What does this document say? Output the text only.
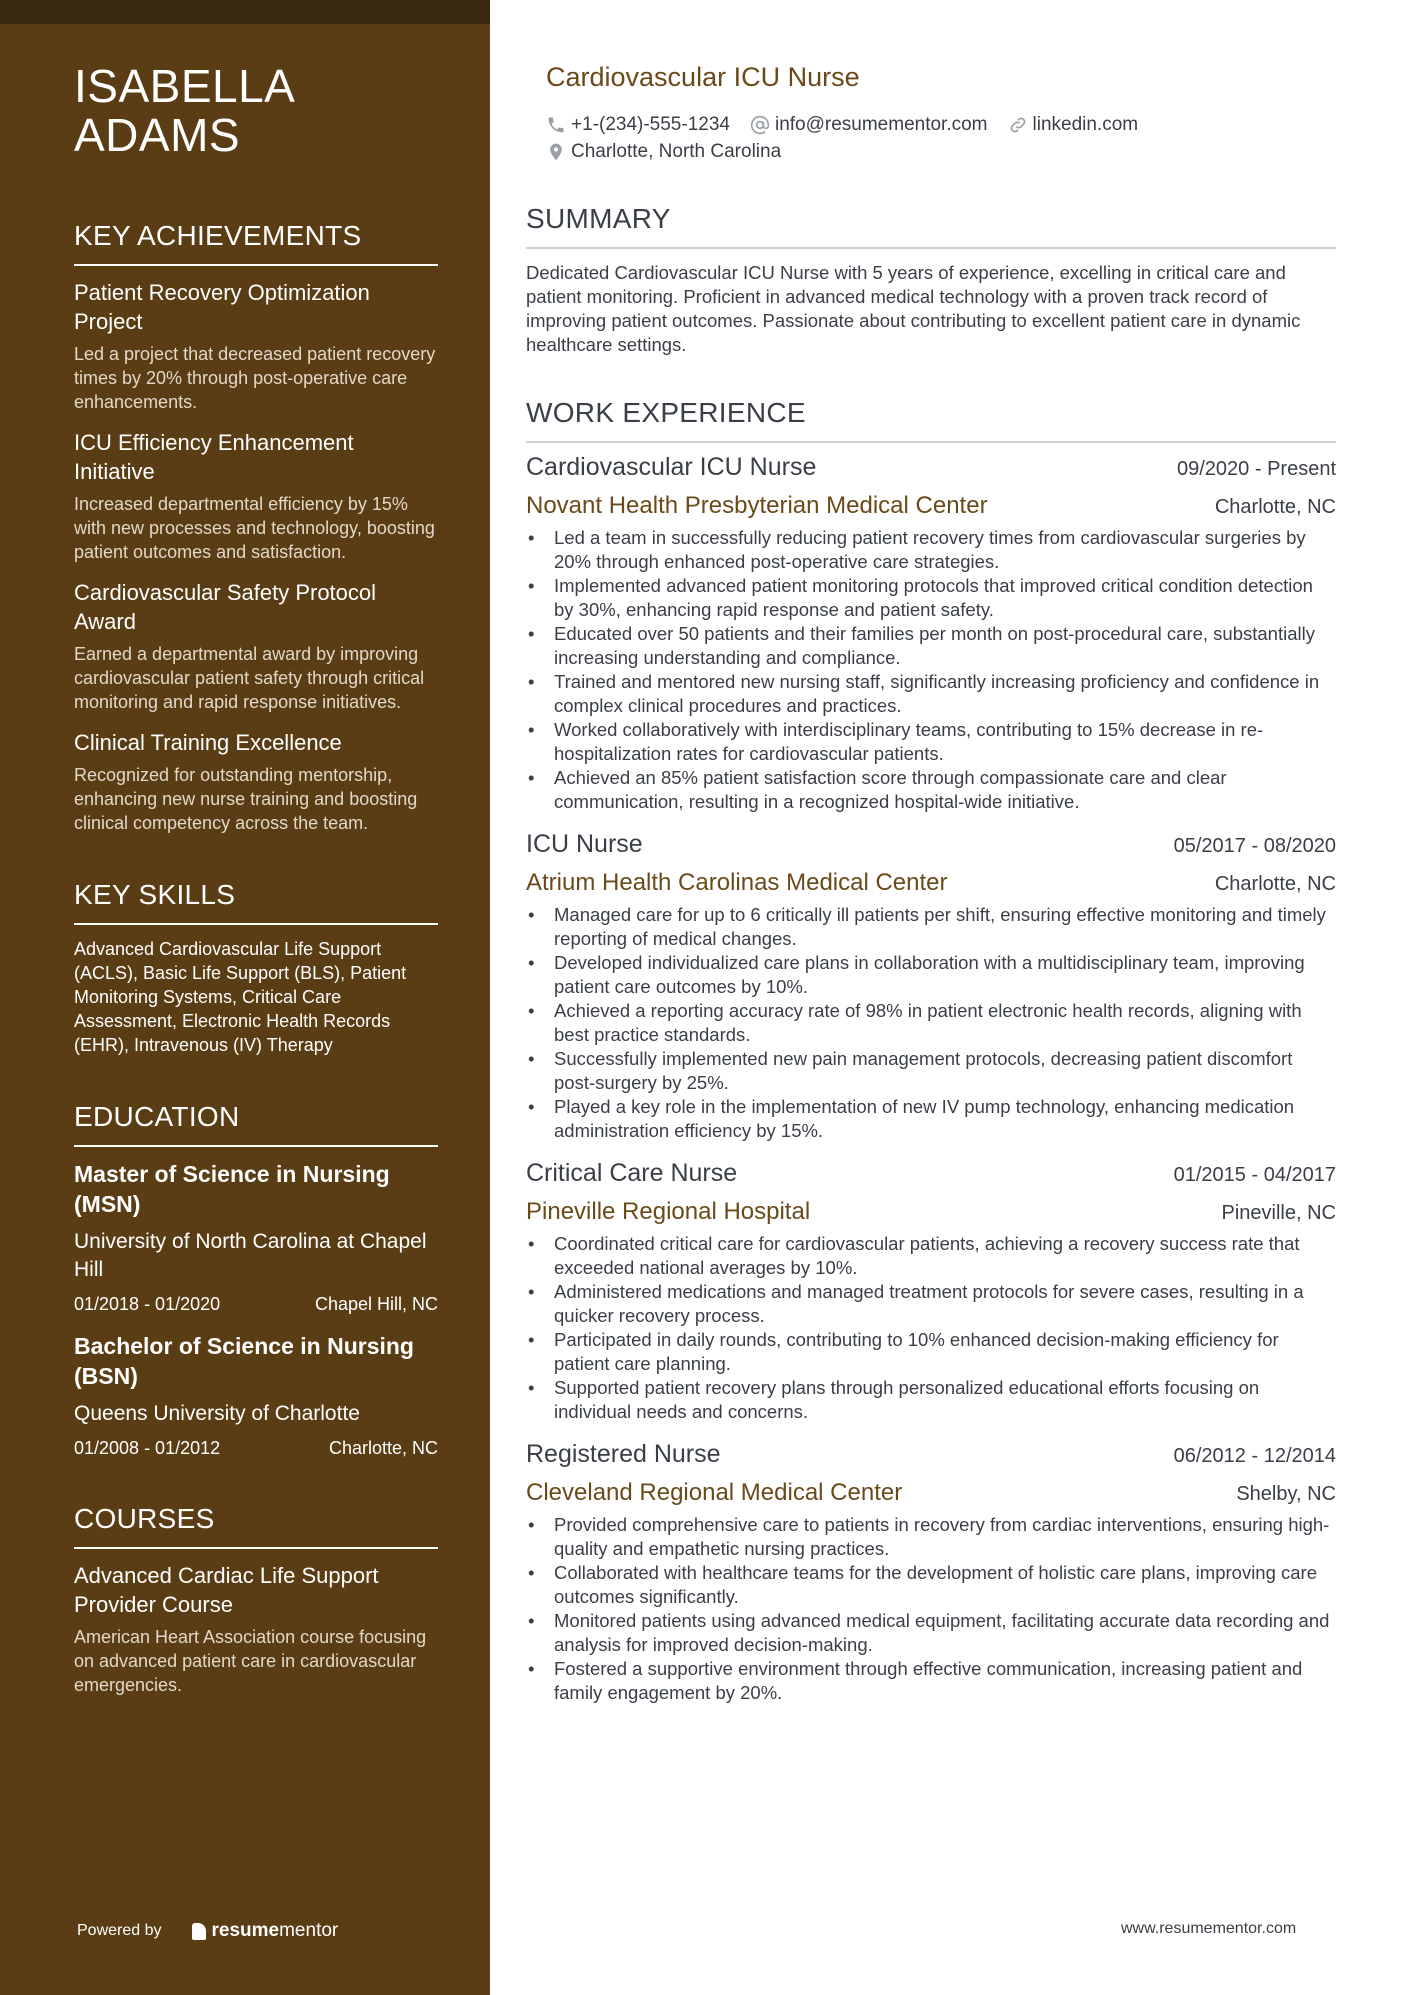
ISABELLA
ADAMS
KEY ACHIEVEMENTS
Patient Recovery Optimization Project
Led a project that decreased patient recovery times by 20% through post-operative care enhancements.
ICU Efficiency Enhancement Initiative
Increased departmental efficiency by 15% with new processes and technology, boosting patient outcomes and satisfaction.
Cardiovascular Safety Protocol Award
Earned a departmental award by improving cardiovascular patient safety through critical monitoring and rapid response initiatives.
Clinical Training Excellence
Recognized for outstanding mentorship, enhancing new nurse training and boosting clinical competency across the team.
KEY SKILLS
Advanced Cardiovascular Life Support (ACLS), Basic Life Support (BLS), Patient Monitoring Systems, Critical Care Assessment, Electronic Health Records (EHR), Intravenous (IV) Therapy
EDUCATION
Master of Science in Nursing (MSN)
University of North Carolina at Chapel Hill
01/2018 - 01/2020	Chapel Hill, NC
Bachelor of Science in Nursing (BSN)
Queens University of Charlotte
01/2008 - 01/2012	Charlotte, NC
COURSES
Advanced Cardiac Life Support Provider Course
American Heart Association course focusing on advanced patient care in cardiovascular emergencies.
Powered by	resume mentor
Cardiovascular ICU Nurse
+1-(234)-555-1234 info@resumementor.com linkedin.com
Charlotte, North Carolina
SUMMARY
Dedicated Cardiovascular ICU Nurse with 5 years of experience, excelling in critical care and patient monitoring. Proficient in advanced medical technology with a proven track record of improving patient outcomes. Passionate about contributing to excellent patient care in dynamic healthcare settings.
WORK EXPERIENCE
Cardiovascular ICU Nurse	09/2020 - Present
Novant Health Presbyterian Medical Center	Charlotte, NC
• Led a team in successfully reducing patient recovery times from cardiovascular surgeries by 20% through enhanced post-operative care strategies.
• Implemented advanced patient monitoring protocols that improved critical condition detection by 30%, enhancing rapid response and patient safety.
• Educated over 50 patients and their families per month on post-procedural care, substantially increasing understanding and compliance.
• Trained and mentored new nursing staff, significantly increasing proficiency and confidence in complex clinical procedures and practices.
• Worked collaboratively with interdisciplinary teams, contributing to 15% decrease in re-hospitalization rates for cardiovascular patients.
• Achieved an 85% patient satisfaction score through compassionate care and clear communication, resulting in a recognized hospital-wide initiative.
ICU Nurse	05/2017 - 08/2020
Atrium Health Carolinas Medical Center	Charlotte, NC
• Managed care for up to 6 critically ill patients per shift, ensuring effective monitoring and timely reporting of medical changes.
• Developed individualized care plans in collaboration with a multidisciplinary team, improving patient care outcomes by 10%.
• Achieved a reporting accuracy rate of 98% in patient electronic health records, aligning with best practice standards.
• Successfully implemented new pain management protocols, decreasing patient discomfort post-surgery by 25%.
• Played a key role in the implementation of new IV pump technology, enhancing medication administration efficiency by 15%.
Critical Care Nurse	01/2015 - 04/2017
Pineville Regional Hospital	Pineville, NC
• Coordinated critical care for cardiovascular patients, achieving a recovery success rate that exceeded national averages by 10%.
• Administered medications and managed treatment protocols for severe cases, resulting in a quicker recovery process.
• Participated in daily rounds, contributing to 10% enhanced decision-making efficiency for patient care planning.
• Supported patient recovery plans through personalized educational efforts focusing on individual needs and concerns.
Registered Nurse	06/2012 - 12/2014
Cleveland Regional Medical Center	Shelby, NC
• Provided comprehensive care to patients in recovery from cardiac interventions, ensuring high-quality and empathetic nursing practices.
• Collaborated with healthcare teams for the development of holistic care plans, improving care outcomes significantly.
• Monitored patients using advanced medical equipment, facilitating accurate data recording and analysis for improved decision-making.
• Fostered a supportive environment through effective communication, increasing patient and family engagement by 20%.
www.resumementor.com
